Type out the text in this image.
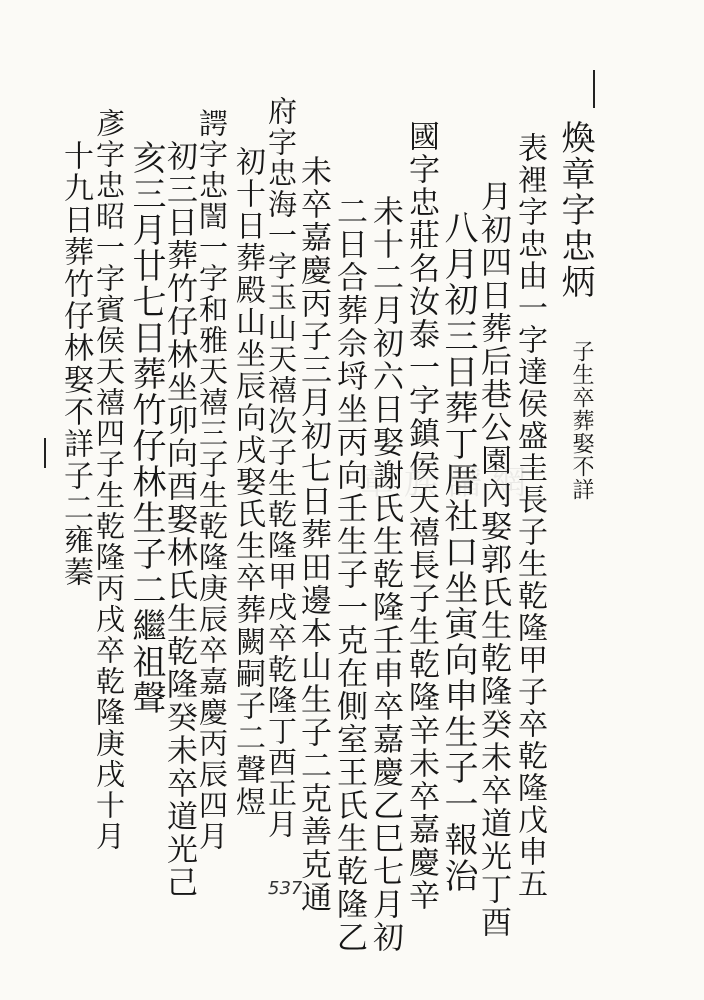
煥章字忠炳
子生卒葬娶不詳
表裡字忠由一字達侯盛圭長子生乾隆甲子卒乾隆戊申五
月初四日葬后巷公園內娶郭氏生乾隆癸未卒道光丁酉
八月初三日葬丁厝社口坐寅向申生子一報治
國字忠莊名汝泰一字鎮侯天禧長子生乾隆辛未卒嘉慶辛
未十二月初六日娶謝氏生乾隆壬申卒嘉慶乙巳七月初
二日合葬佘埒坐丙向壬生子一克在側室王氏生乾隆乙
未卒嘉慶丙子三月初七日葬田邊本山生子二克善克通
府字忠海一字玉山天禧次子生乾隆甲戌卒乾隆丁酉正月
初十日葬殿山坐辰向戌娶氏生卒葬闕嗣子二聲煜
諤字忠誾一字和雅天禧三子生乾隆庚辰卒嘉慶丙辰四月
初三日葬竹仔林坐卯向酉娶林氏生乾隆癸未卒道光己
亥三月廿七日葬竹仔林生子二繼祖聲
彥字忠昭一字賓侯天禧四子生乾隆丙戌卒乾隆庚戌十月
十九日葬竹仔林娶不詳子二雍蓁	章族譜網
537
